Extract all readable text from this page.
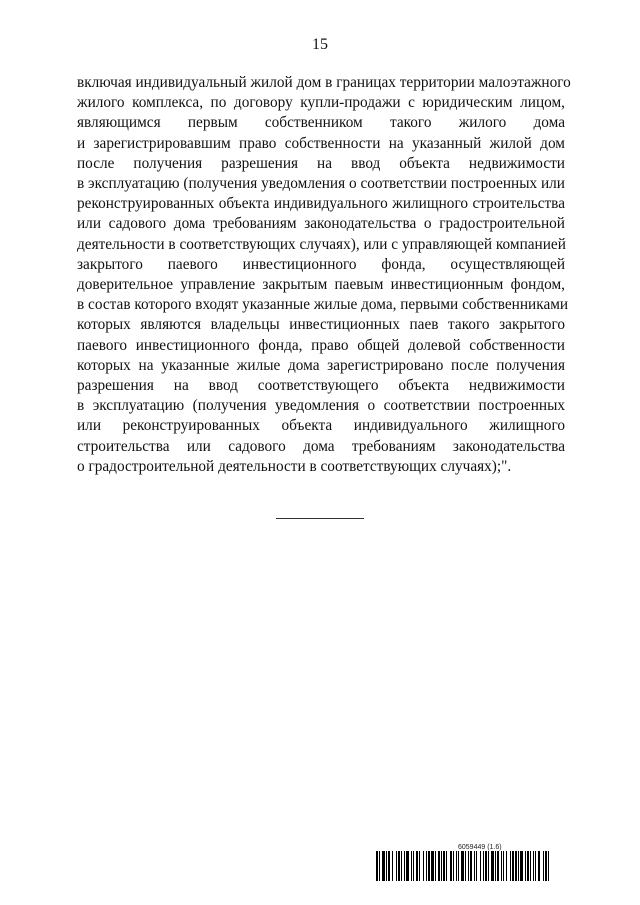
15
включая индивидуальный жилой дом в границах территории малоэтажного
жилого комплекса, по договору купли-продажи с юридическим лицом,
являющимся первым собственником такого жилого дома
и зарегистрировавшим право собственности на указанный жилой дом
после получения разрешения на ввод объекта недвижимости
в эксплуатацию (получения уведомления о соответствии построенных или
реконструированных объекта индивидуального жилищного строительства
или садового дома требованиям законодательства о градостроительной
деятельности в соответствующих случаях), или с управляющей компанией
закрытого паевого инвестиционного фонда, осуществляющей
доверительное управление закрытым паевым инвестиционным фондом,
в состав которого входят указанные жилые дома, первыми собственниками
которых являются владельцы инвестиционных паев такого закрытого
паевого инвестиционного фонда, право общей долевой собственности
которых на указанные жилые дома зарегистрировано после получения
разрешения на ввод соответствующего объекта недвижимости
в эксплуатацию (получения уведомления о соответствии построенных
или реконструированных объекта индивидуального жилищного
строительства или садового дома требованиям законодательства
о градостроительной деятельности в соответствующих случаях);".
6059449 (1.6)
